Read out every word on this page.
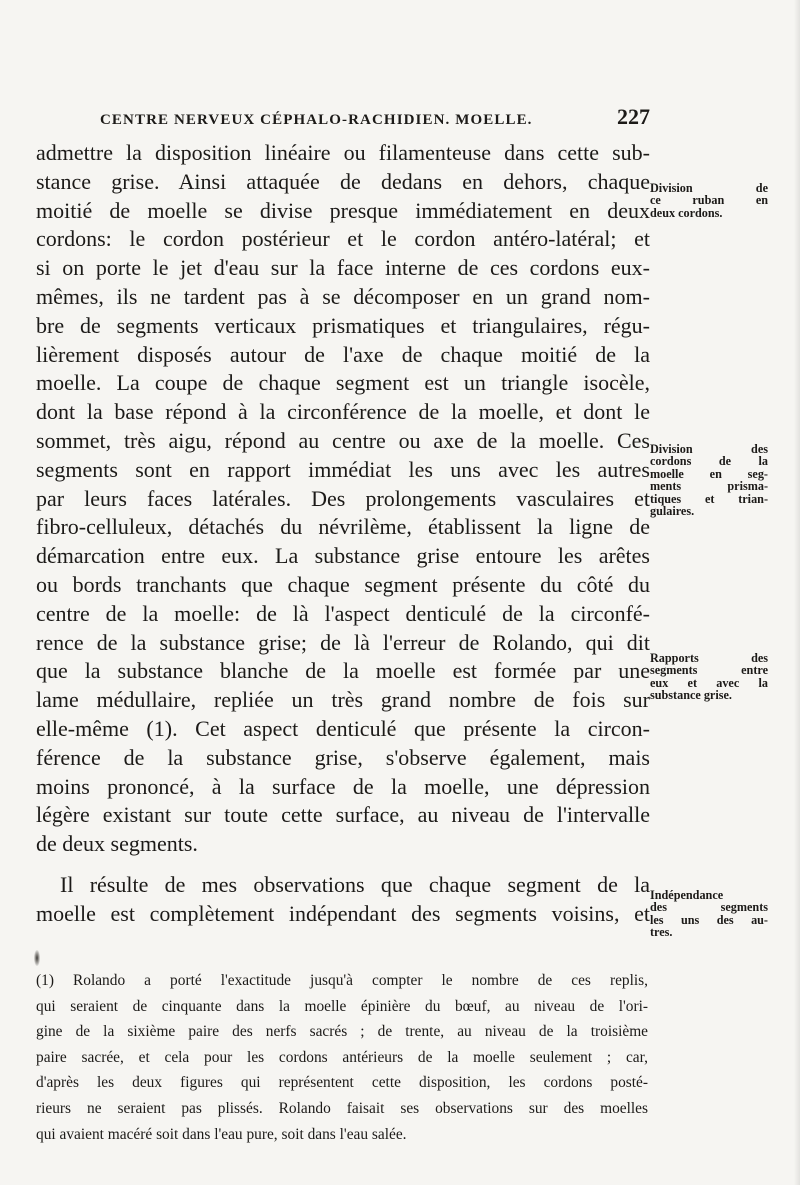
CENTRE NERVEUX CÉPHALO-RACHIDIEN. MOELLE.	227

admettre la disposition linéaire ou filamenteuse dans cette sub-
stance grise. Ainsi attaquée de dedans en dehors, chaque
moitié de moelle se divise presque immédiatement en deux
cordons: le cordon postérieur et le cordon antéro-latéral; et
si on porte le jet d'eau sur la face interne de ces cordons eux-
mêmes, ils ne tardent pas à se décomposer en un grand nom-
bre de segments verticaux prismatiques et triangulaires, régu-
lièrement disposés autour de l'axe de chaque moitié de la
moelle. La coupe de chaque segment est un triangle isocèle,
dont la base répond à la circonférence de la moelle, et dont le
sommet, très aigu, répond au centre ou axe de la moelle. Ces
segments sont en rapport immédiat les uns avec les autres
par leurs faces latérales. Des prolongements vasculaires et
fibro-celluleux, détachés du névrilème, établissent la ligne de
démarcation entre eux. La substance grise entoure les arêtes
ou bords tranchants que chaque segment présente du côté du
centre de la moelle: de là l'aspect denticulé de la circonfé-
rence de la substance grise; de là l'erreur de Rolando, qui dit
que la substance blanche de la moelle est formée par une
lame médullaire, repliée un très grand nombre de fois sur
elle-même (1). Cet aspect denticulé que présente la circon-
férence de la substance grise, s'observe également, mais
moins prononcé, à la surface de la moelle, une dépression
légère existant sur toute cette surface, au niveau de l'intervalle
de deux segments.

Il résulte de mes observations que chaque segment de la
moelle est complètement indépendant des segments voisins, et

Division de
ce ruban en
deux cordons.
Division des
cordons de la
moelle en seg-
ments prisma-
tiques et trian-
gulaires.
Rapports des
segments entre
eux et avec la
substance grise.
Indépendance
des segments
les uns des au-
tres.
(1) Rolando a porté l'exactitude jusqu'à compter le nombre de ces replis,
qui seraient de cinquante dans la moelle épinière du bœuf, au niveau de l'ori-
gine de la sixième paire des nerfs sacrés ; de trente, au niveau de la troisième
paire sacrée, et cela pour les cordons antérieurs de la moelle seulement ; car,
d'après les deux figures qui représentent cette disposition, les cordons posté-
rieurs ne seraient pas plissés. Rolando faisait ses observations sur des moelles
qui avaient macéré soit dans l'eau pure, soit dans l'eau salée.
